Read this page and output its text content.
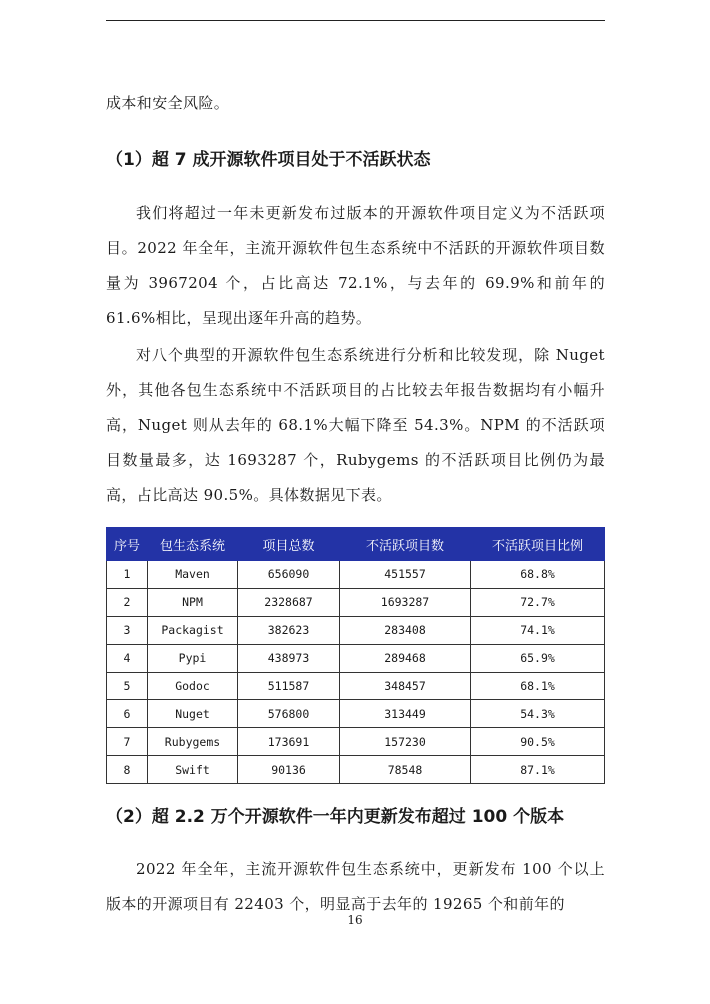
成本和安全风险。

（1）超 7 成开源软件项目处于不活跃状态

我们将超过一年未更新发布过版本的开源软件项目定义为不活跃项目。2022 年全年，主流开源软件包生态系统中不活跃的开源软件项目数量为 3967204 个，占比高达 72.1%，与去年的 69.9%和前年的 61.6%相比，呈现出逐年升高的趋势。

对八个典型的开源软件包生态系统进行分析和比较发现，除 Nuget 外，其他各包生态系统中不活跃项目的占比较去年报告数据均有小幅升高，Nuget 则从去年的 68.1%大幅下降至 54.3%。NPM 的不活跃项目数量最多，达 1693287 个，Rubygems 的不活跃项目比例仍为最高，占比高达 90.5%。具体数据见下表。

序号	包生态系统	项目总数	不活跃项目数	不活跃项目比例
1	Maven	656090	451557	68.8%
2	NPM	2328687	1693287	72.7%
3	Packagist	382623	283408	74.1%
4	Pypi	438973	289468	65.9%
5	Godoc	511587	348457	68.1%
6	Nuget	576800	313449	54.3%
7	Rubygems	173691	157230	90.5%
8	Swift	90136	78548	87.1%
（2）超 2.2 万个开源软件一年内更新发布超过 100 个版本

2022 年全年，主流开源软件包生态系统中，更新发布 100 个以上版本的开源项目有 22403 个，明显高于去年的 19265 个和前年的

16
